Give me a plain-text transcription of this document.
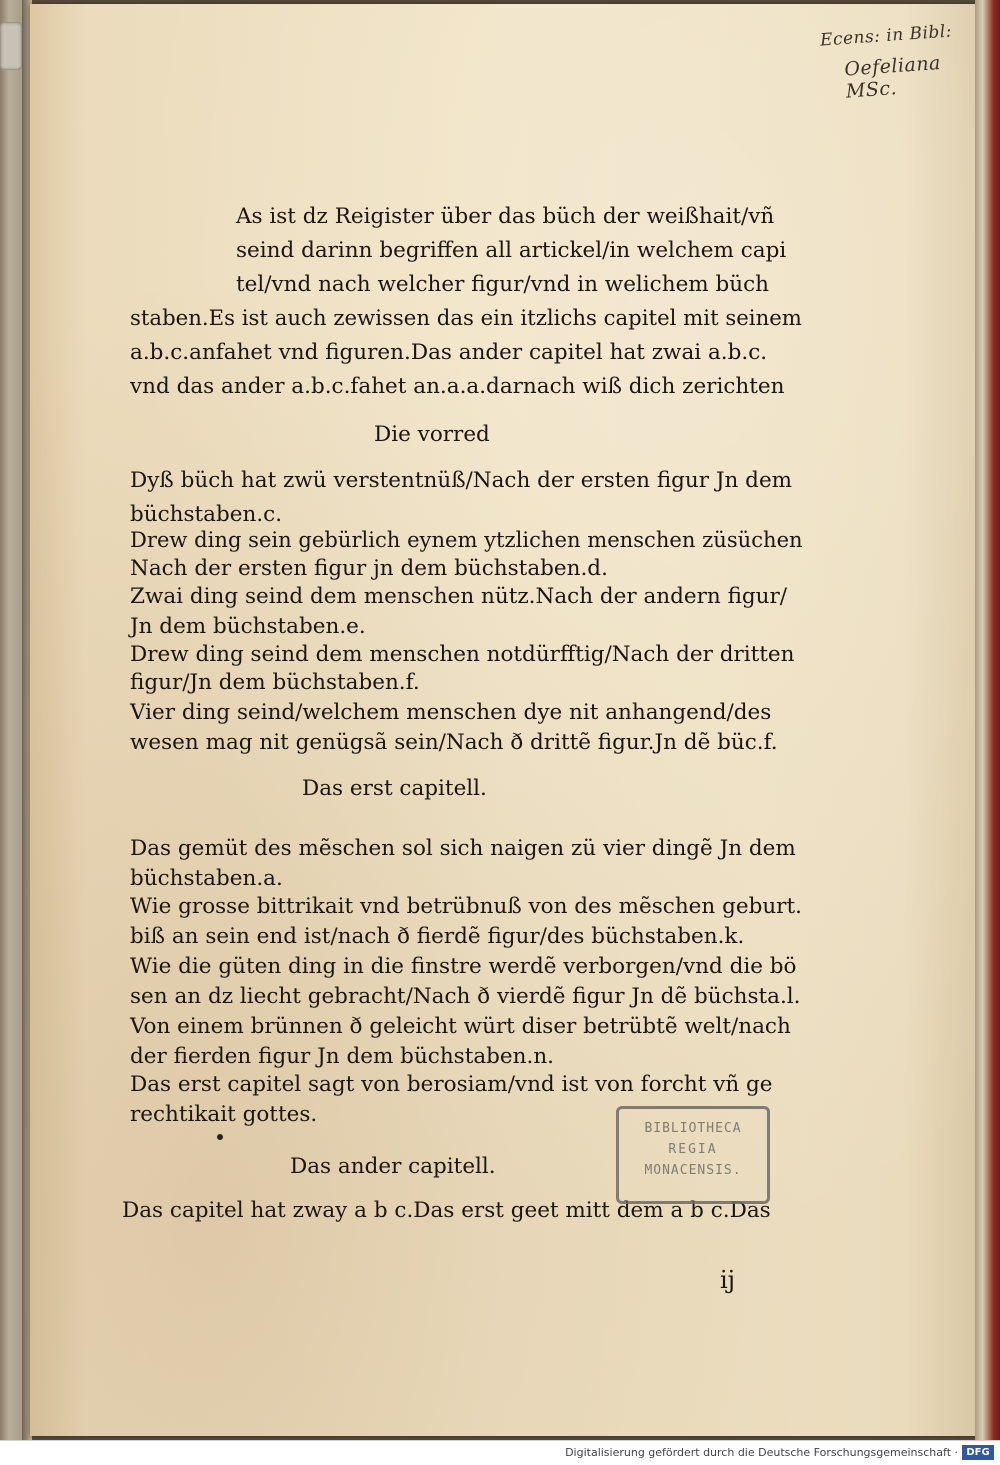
Ecens: in Bibl:
Oefeliana MSc.
As ist dz Reigister über das büch der weißhait/vñ
seind darinn begriffen all artickel/in welchem capi
tel/vnd nach welcher figur/vnd in welichem büch
staben.Es ist auch zewissen das ein itzlichs capitel mit seinem
a.b.c.anfahet vnd figuren.Das ander capitel hat zwai a.b.c.
vnd das ander a.b.c.fahet an.a.a.darnach wiß dich zerichten
Die vorred
Dyß büch hat zwü verstentnüß/Nach der ersten figur Jn dem
büchstaben.c.
Drew ding sein gebürlich eynem ytzlichen menschen züsüchen
Nach der ersten figur jn dem büchstaben.d.
Zwai ding seind dem menschen nütz.Nach der andern figur/
Jn dem büchstaben.e.
Drew ding seind dem menschen notdürfftig/Nach der dritten
figur/Jn dem büchstaben.f.
Vier ding seind/welchem menschen dye nit anhangend/des
wesen mag nit genügsã sein/Nach ð drittẽ figur.Jn dẽ büc.f.
Das erst capitell.
Das gemüt des mẽschen sol sich naigen zü vier dingẽ Jn dem
büchstaben.a.
Wie grosse bittrikait vnd betrübnuß von des mẽschen geburt.
biß an sein end ist/nach ð fierdẽ figur/des büchstaben.k.
Wie die güten ding in die finstre werdẽ verborgen/vnd die bö
sen an dz liecht gebracht/Nach ð vierdẽ figur Jn dẽ büchsta.l.
Von einem brünnen ð geleicht würt diser betrübtẽ welt/nach
der fierden figur Jn dem büchstaben.n.
Das erst capitel sagt von berosiam/vnd ist von forcht vñ ge
rechtikait gottes.
Das ander capitell.
Das capitel hat zway a b c.Das erst geet mitt dem a b c.Das
BIBLIOTHECA
REGIA
MONACENSIS.
ij
Digitalisierung gefördert durch die Deutsche Forschungsgemeinschaft · DFG
